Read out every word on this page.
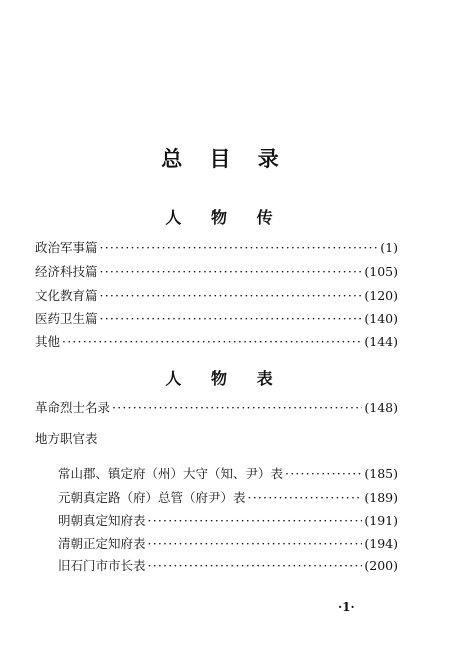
总 目 录
人 物 传
政治军事篇 ·····	(1)
经济科技篇 ·····	(105)
文化教育篇 ·····	(120)
医药卫生篇 ·····	(140)
其他 ·····	(144)
人 物 表
革命烈士名录 ·····	(148)
地方职官表
常山郡、镇定府（州）大守（知、尹）表 ·····	(185)
元朝真定路（府）总管（府尹）表 ·····	(189)
明朝真定知府表 ·····	(191)
清朝正定知府表 ·····	(194)
旧石门市市长表 ·····	(200)
·1·
